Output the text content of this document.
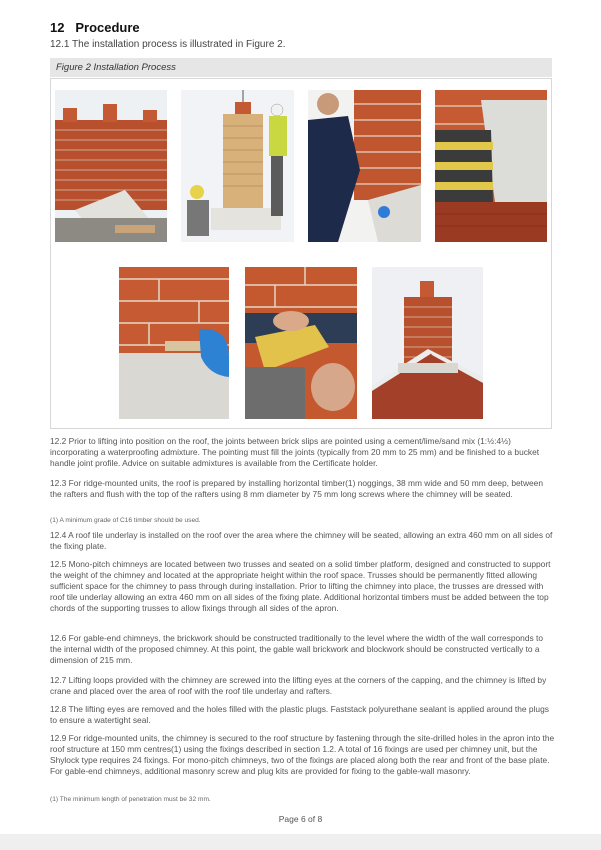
12 Procedure
12.1 The installation process is illustrated in Figure 2.
Figure 2 Installation Process
12.2 Prior to lifting into position on the roof, the joints between brick slips are pointed using a cement/lime/sand mix (1:½:4½) incorporating a waterproofing admixture. The pointing must fill the joints (typically from 20 mm to 25 mm) and be finished to a bucket handle joint profile. Advice on suitable admixtures is available from the Certificate holder.
12.3 For ridge-mounted units, the roof is prepared by installing horizontal timber(1) noggings, 38 mm wide and 50 mm deep, between the rafters and flush with the top of the rafters using 8 mm diameter by 75 mm long screws where the chimney will be seated.
(1) A minimum grade of C16 timber should be used.
12.4 A roof tile underlay is installed on the roof over the area where the chimney will be seated, allowing an extra 460 mm on all sides of the fixing plate.
12.5 Mono-pitch chimneys are located between two trusses and seated on a solid timber platform, designed and constructed to support the weight of the chimney and located at the appropriate height within the roof space. Trusses should be permanently fitted allowing sufficient space for the chimney to pass through during installation. Prior to lifting the chimney into place, the trusses are dressed with roof tile underlay allowing an extra 460 mm on all sides of the fixing plate. Additional horizontal timbers must be added between the top chords of the supporting trusses to allow fixings through all sides of the apron.
12.6 For gable-end chimneys, the brickwork should be constructed traditionally to the level where the width of the wall corresponds to the internal width of the proposed chimney. At this point, the gable wall brickwork and blockwork should be constructed vertically to a dimension of 215 mm.
12.7 Lifting loops provided with the chimney are screwed into the lifting eyes at the corners of the capping, and the chimney is lifted by crane and placed over the area of roof with the roof tile underlay and rafters.
12.8 The lifting eyes are removed and the holes filled with the plastic plugs. Faststack polyurethane sealant is applied around the plugs to ensure a watertight seal.
12.9 For ridge-mounted units, the chimney is secured to the roof structure by fastening through the site-drilled holes in the apron into the roof structure at 150 mm centres(1) using the fixings described in section 1.2. A total of 16 fixings are used per chimney unit, but the Shylock type requires 24 fixings. For mono-pitch chimneys, two of the fixings are placed along both the rear and front of the base plate. For gable-end chimneys, additional masonry screw and plug kits are provided for fixing to the gable-wall masonry.
(1) The minimum length of penetration must be 32 mm.
Page 6 of 8
